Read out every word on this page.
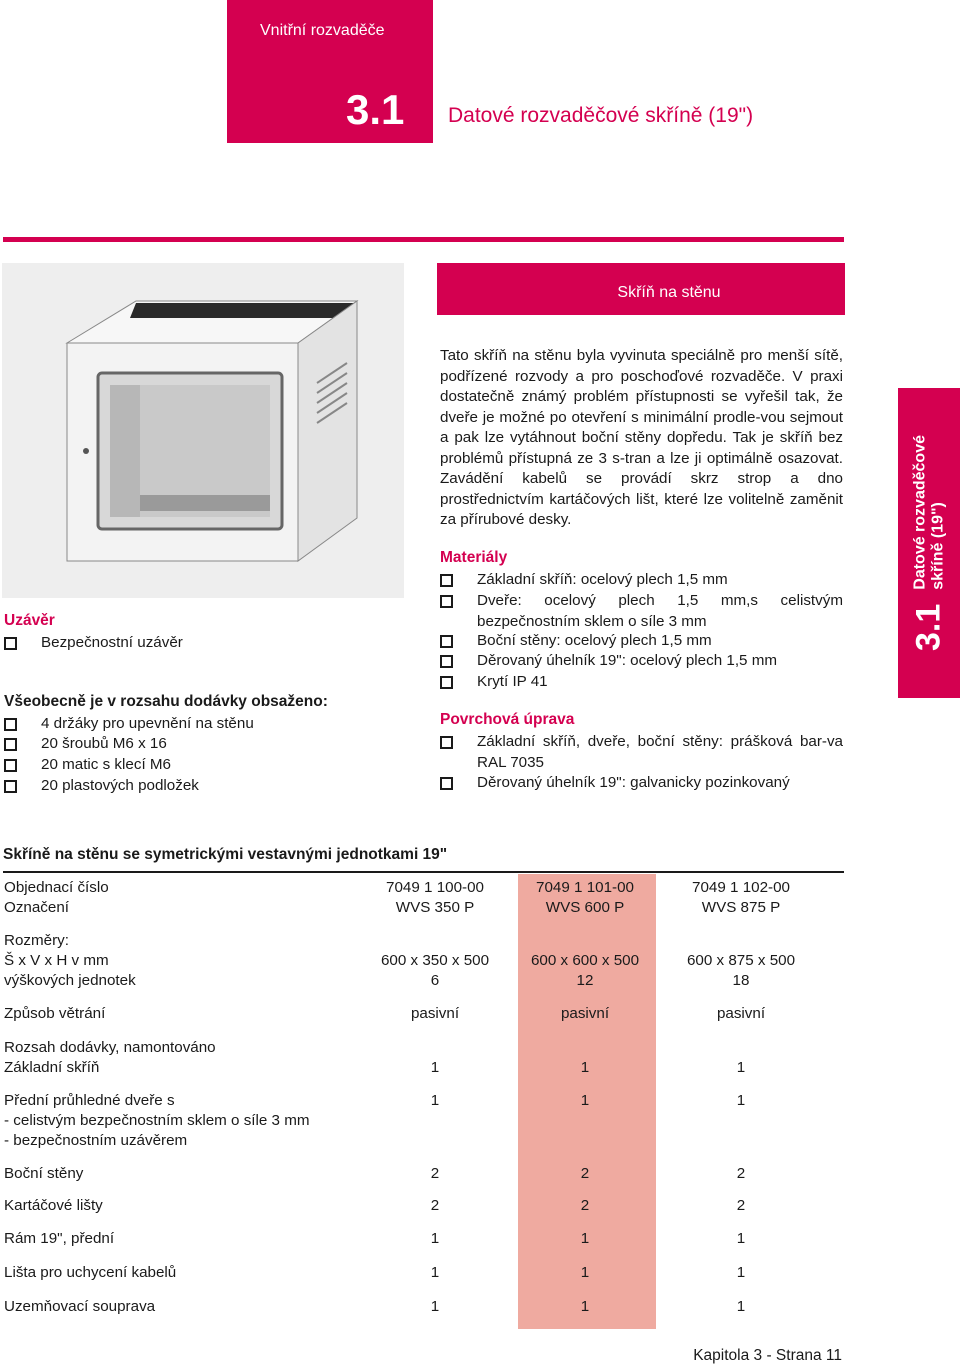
Vnitřní rozvaděče
3.1 Datové rozvaděčové skříně (19")
Skříň na stěnu
3.1
Datové rozvaděčové
skříně (19")
Tato skříň na stěnu byla vyvinuta speciálně pro menší sítě, podřízené rozvody a pro poschoďové rozvaděče. V praxi dostatečně známý problém přístupnosti se vyřešil tak, že dveře je možné po otevření s minimální prodle-vou sejmout a pak lze vytáhnout boční stěny dopředu. Tak je skříň bez problémů přístupná ze 3 s-tran a lze ji optimálně osazovat. Zavádění kabelů se provádí skrz strop a dno prostřednictvím kartáčových lišt, které lze volitelně zaměnit za přírubové desky.
Materiály
Základní skříň: ocelový plech 1,5 mm
Dveře: ocelový plech 1,5 mm,s celistvým bezpečnostním sklem o síle 3 mm
Boční stěny: ocelový plech 1,5 mm
Děrovaný úhelník 19": ocelový plech 1,5 mm
Krytí IP 41
Povrchová úprava
Základní skříň, dveře, boční stěny: prášková bar-va RAL 7035
Děrovaný úhelník 19": galvanicky pozinkovaný
Uzávěr
Bezpečnostní uzávěr
Všeobecně je v rozsahu dodávky obsaženo:
4 držáky pro upevnění na stěnu
20 šroubů M6 x 16
20 matic s klecí M6
20 plastových podložek
Skříně na stěnu se symetrickými vestavnými jednotkami 19"
Objednací číslo	7049 1 100-00	7049 1 101-00	7049 1 102-00
Označení	WVS 350 P	WVS 600 P	WVS 875 P
Rozměry:
Š x V x H v mm	600 x 350 x 500	600 x 600 x 500	600 x 875 x 500
výškových jednotek	6	12	18
Způsob větrání	pasivní	pasivní	pasivní
Rozsah dodávky, namontováno
Základní skříň	1	1	1
Přední průhledné dveře s	1	1	1
- celistvým bezpečnostním sklem o síle 3 mm
- bezpečnostním uzávěrem
Boční stěny	2	2	2
Kartáčové lišty	2	2	2
Rám 19", přední	1	1	1
Lišta pro uchycení kabelů	1	1	1
Uzemňovací souprava	1	1	1
Kapitola 3 - Strana 11
